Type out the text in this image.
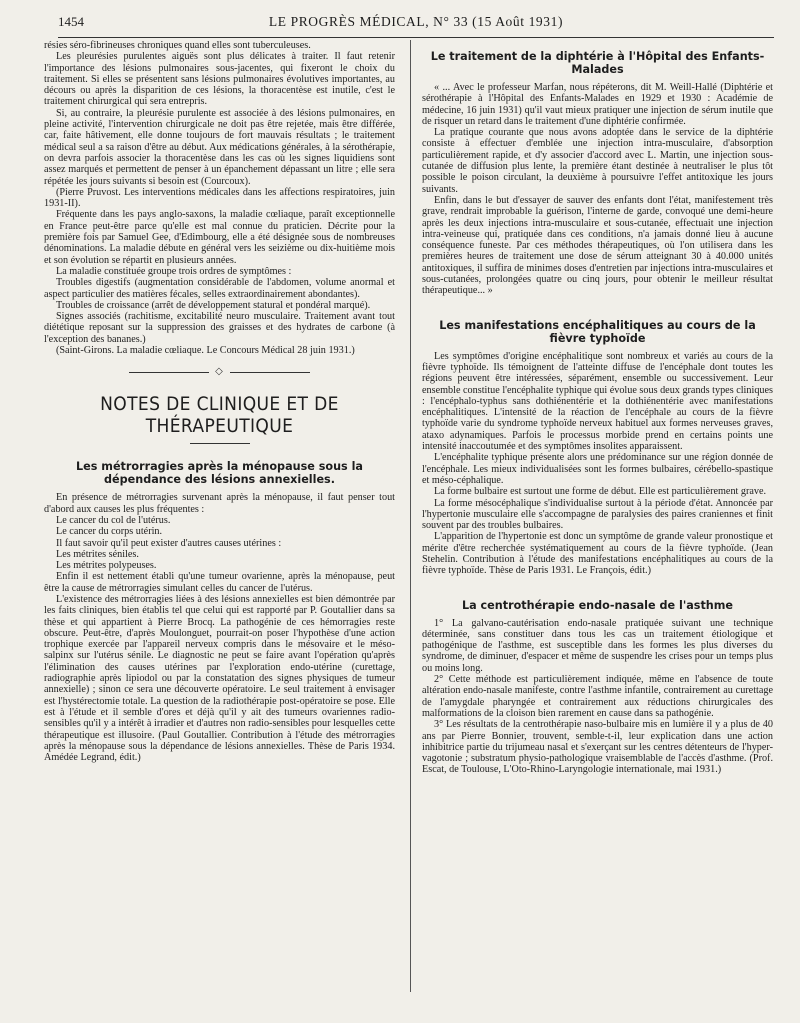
1454	LE PROGRÈS MÉDICAL, N° 33 (15 Août 1931)

résies séro-fibrineuses chroniques quand elles sont tuberculeuses.

Les pleurésies purulentes aiguës sont plus délicates à traiter. Il faut retenir l'importance des lésions pulmonaires sous-jacentes, qui fixeront le choix du traitement. Si elles se présentent sans lésions pulmonaires évolutives importantes, au décours ou après la disparition de ces lésions, la thoracentèse est inutile, c'est le traitement chirurgical qui sera entrepris.

Si, au contraire, la pleurésie purulente est associée à des lésions pulmonaires, en pleine activité, l'intervention chirurgicale ne doit pas être rejetée, mais être différée, car, faite hâtivement, elle donne toujours de fort mauvais résultats ; le traitement médical seul a sa raison d'être au début. Aux médications générales, à la sérothérapie, on devra parfois associer la thoracentèse dans les cas où les signes liquidiens sont assez marqués et permettent de penser à un épanchement dépassant un litre ; elle sera répétée les jours suivants si besoin est (Courcoux).

(Pierre Pruvost. Les interventions médicales dans les affections respiratoires, juin 1931-II).

Fréquente dans les pays anglo-saxons, la maladie cœliaque, paraît exceptionnelle en France peut-être parce qu'elle est mal connue du praticien. Décrite pour la première fois par Samuel Gee, d'Edimbourg, elle a été désignée sous de nombreuses dénominations. La maladie débute en général vers les seizième ou dix-huitième mois et son évolution se répartit en plusieurs années.

La maladie constituée groupe trois ordres de symptômes :

Troubles digestifs (augmentation considérable de l'abdomen, volume anormal et aspect particulier des matières fécales, selles extraordinairement abondantes).

Troubles de croissance (arrêt de développement statural et pondéral marqué).

Signes associés (rachitisme, excitabilité neuro musculaire. Traitement avant tout diététique reposant sur la suppression des graisses et des hydrates de carbone (à l'exception des bananes.)

(Saint-Girons. La maladie cœliaque. Le Concours Médical 28 juin 1931.)

◇
NOTES DE CLINIQUE ET DE THÉRAPEUTIQUE
Les métrorragies après la ménopause sous la dépendance des lésions annexielles.

En présence de métrorragies survenant après la ménopause, il faut penser tout d'abord aux causes les plus fréquentes :

Le cancer du col de l'utérus.

Le cancer du corps utérin.

Il faut savoir qu'il peut exister d'autres causes utérines :

Les métrites séniles.

Les métrites polypeuses.

Enfin il est nettement établi qu'une tumeur ovarienne, après la ménopause, peut être la cause de métrorragies simulant celles du cancer de l'utérus.

L'existence des métrorragies liées à des lésions annexielles est bien démontrée par les faits cliniques, bien établis tel que celui qui est rapporté par P. Goutallier dans sa thèse et qui appartient à Pierre Brocq. La pathogénie de ces hémorragies reste obscure. Peut-être, d'après Moulonguet, pourrait-on poser l'hypothèse d'une action trophique exercée par l'appareil nerveux compris dans le mésovaire et le méso-salpinx sur l'utérus sénile. Le diagnostic ne peut se faire avant l'opération qu'après l'élimination des causes utérines par l'exploration endo-utérine (curettage, radiographie après lipiodol ou par la constatation des signes physiques de tumeur annexielle) ; sinon ce sera une découverte opératoire. Le seul traitement à envisager est l'hystérectomie totale. La question de la radiothérapie post-opératoire se pose. Elle est à l'étude et il semble d'ores et déjà qu'il y ait des tumeurs ovariennes radio-sensibles qu'il y a intérêt à irradier et d'autres non radio-sensibles pour lesquelles cette thérapeutique est illusoire. (Paul Goutallier. Contribution à l'étude des métrorragies après la ménopause sous la dépendance de lésions annexielles. Thèse de Paris 1934. Amédée Legrand, édit.)

Le traitement de la diphtérie à l'Hôpital des Enfants-Malades

« ... Avec le professeur Marfan, nous répéterons, dit M. Weill-Hallé (Diphtérie et sérothérapie à l'Hôpital des Enfants-Malades en 1929 et 1930 : Académie de médecine, 16 juin 1931) qu'il vaut mieux pratiquer une injection de sérum inutile que de risquer un retard dans le traitement d'une diphtérie confirmée.

La pratique courante que nous avons adoptée dans le service de la diphtérie consiste à effectuer d'emblée une injection intra-musculaire, d'absorption particulièrement rapide, et d'y associer d'accord avec L. Martin, une injection sous-cutanée de diffusion plus lente, la première étant destinée à neutraliser le plus tôt possible le poison circulant, la deuxième à poursuivre l'effet antitoxique les jours suivants.

Enfin, dans le but d'essayer de sauver des enfants dont l'état, manifestement très grave, rendrait improbable la guérison, l'interne de garde, convoqué une demi-heure après les deux injections intra-musculaire et sous-cutanée, effectuait une injection intra-veineuse qui, pratiquée dans ces conditions, n'a jamais donné lieu à aucune conséquence funeste. Par ces méthodes thérapeutiques, où l'on utilisera dans les premières heures de traitement une dose de sérum atteignant 30 à 40.000 unités antitoxiques, il suffira de minimes doses d'entretien par injections intra-musculaires et sous-cutanées, prolongées quatre ou cinq jours, pour obtenir le meilleur résultat thérapeutique... »

Les manifestations encéphalitiques au cours de la fièvre typhoïde

Les symptômes d'origine encéphalitique sont nombreux et variés au cours de la fièvre typhoïde. Ils témoignent de l'atteinte diffuse de l'encéphale dont toutes les régions peuvent être intéressées, séparément, ensemble ou successivement. Leur ensemble constitue l'encéphalite typhique qui évolue sous deux grands types cliniques : l'encéphalo-typhus sans dothiénentérie et la dothiénentérie avec manifestations encéphalitiques. L'intensité de la réaction de l'encéphale au cours de la fièvre typhoïde varie du syndrome typhoïde nerveux habituel aux formes nerveuses graves, ataxo adynamiques. Parfois le processus morbide prend en certains points une intensité inaccoutumée et des symptômes insolites apparaissent.

L'encéphalite typhique présente alors une prédominance sur une région donnée de l'encéphale. Les mieux individualisées sont les formes bulbaires, cérébello-spastique et méso-céphalique.

La forme bulbaire est surtout une forme de début. Elle est particulièrement grave.

La forme mésocéphalique s'individualise surtout à la période d'état. Annoncée par l'hypertonie musculaire elle s'accompagne de paralysies des paires craniennes et finit souvent par des troubles bulbaires.

L'apparition de l'hypertonie est donc un symptôme de grande valeur pronostique et mérite d'être recherchée systématiquement au cours de la fièvre typhoïde. (Jean Stehelin. Contribution à l'étude des manifestations encéphalitiques au cours de la fièvre typhoïde. Thèse de Paris 1931. Le François, édit.)

La centrothérapie endo-nasale de l'asthme

1° La galvano-cautérisation endo-nasale pratiquée suivant une technique déterminée, sans constituer dans tous les cas un traitement étiologique et pathogénique de l'asthme, est susceptible dans les formes les plus diverses du syndrome, de diminuer, d'espacer et même de suspendre les crises pour un temps plus ou moins long.

2° Cette méthode est particulièrement indiquée, même en l'absence de toute altération endo-nasale manifeste, contre l'asthme infantile, contrairement au curettage de l'amygdale pharyngée et contrairement aux réductions chirurgicales des malformations de la cloison bien rarement en cause dans sa pathogénie.

3° Les résultats de la centrothérapie naso-bulbaire mis en lumière il y a plus de 40 ans par Pierre Bonnier, trouvent, semble-t-il, leur explication dans une action inhibitrice partie du trijumeau nasal et s'exerçant sur les centres détenteurs de l'hyper-vagotonie ; substratum physio-pathologique vraisemblable de l'accès d'asthme. (Prof. Escat, de Toulouse, L'Oto-Rhino-Laryngologie internationale, mai 1931.)
